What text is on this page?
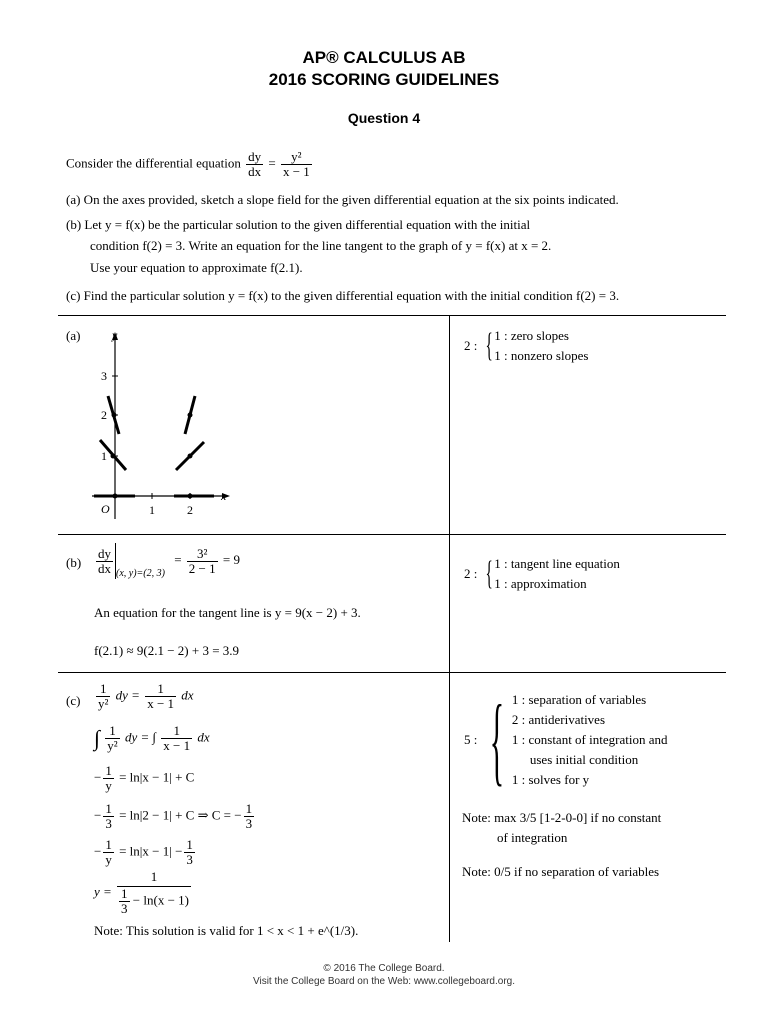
AP® CALCULUS AB
2016 SCORING GUIDELINES
Question 4
Consider the differential equation $\frac{dy}{dx} = \frac{\text{y²}}{x - 1}$
(a) On the axes provided, sketch a slope field for the given differential equation at the six points indicated.
(b) Let y = f(x) be the particular solution to the given differential equation with the initial
condition f(2) = 3. Write an equation for the line tangent to the graph of y = f(x) at x = 2.
Use your equation to approximate f(2.1).
(c) Find the particular solution y = f(x) to the given differential equation with the initial condition f(2) = 3.
(a)	y
x
O	1	2
1
2
3
2 : { 1 : zero slopes
1 : nonzero slopes
$(b) \frac{dy}{dx} (x$, y)=(2, $3) = \frac{\text{3²}}{2 - 1} = 9$
An equation for the tangent line is y = 9(x − 2) + 3.
f(2.1) ≈ 9(2.1 − 2) + 3 = 3.9
2 : { 1 : tangent line equation
1 : approximation
$(c) \frac{1}{\text{y²}}$ dy = $\frac{1}{x - 1}$ dx
∫ $\frac{1}{\text{y²}}$ dy = ∫ $\frac{1}{x - 1}$ dx
− $\frac{1}{y} = \ln|x - 1| + C$
− $\frac{1}{3} = \ln|2 - 1| + C$ ⇒ C = − $\frac{1}{3}$
− $\frac{1}{y} = \ln|x - 1| - \frac{1}{3}$
$y = \frac{1}{\frac{1}{3} - \ln(x - 1)}$
Note: This solution is valid for 1 < x < 1 + e^(1/3).
5 : { 1 : separation of variables
2 : antiderivatives
1 : constant of integration and
uses initial condition
1 : solves for y
Note: max 3/5 [1-2-0-0] if no constant
of integration
Note: 0/5 if no separation of variables
© 2016 The College Board.
Visit the College Board on the Web: www.collegeboard.org.
